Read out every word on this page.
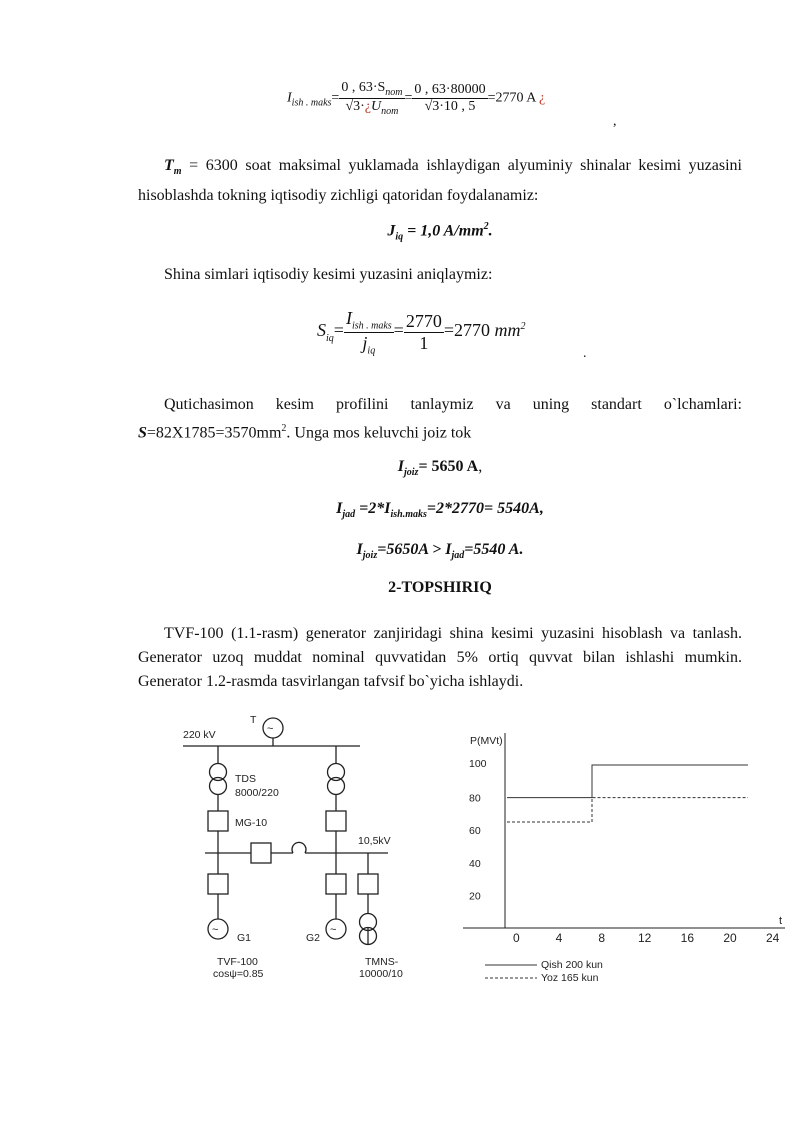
$I_{ish . maks}= \frac{0 , 63\cdot S_{nom}}{√3\cdot¿U_{nom}} = \frac{0 , 63\cdot 80000}{√3\cdot 10 , 5} =2770$ A ¿
,
$T_m = 6300$ soat maksimal yuklamada ishlaydigan alyuminiy shinalar kesimi yuzasini hisoblashda tokning iqtisodiy zichligi qatoridan foydalanamiz:
$J_{iq} = 1,0$ $A/mm^2$.
Shina simlari iqtisodiy kesimi yuzasini aniqlaymiz:
$S_{iq}= \frac{I_{ish . maks}}{j_{iq}} = \frac{2770}{1} =2770$ $mm^2$
.
Qutichasimon kesim profilini tanlaymiz va uning standart o`lchamlari: $S=82X1785=3570mm^2$. Unga mos keluvchi joiz tok
$I_{joiz}= 5650$ A,
$I_{jad} =2*I_{ish.maks}=2*2770= 5540A$,
$I_{joiz}=5650A > I_{jad}=5540$ A.
2-TOPSHIRIQ
TVF-100 (1.1-rasm) generator zanjiridagi shina kesimi yuzasini hisoblash va tanlash. Generator uzoq muddat nominal quvvatidan 5% ortiq quvvat bilan ishlashi mumkin. Generator 1.2-rasmda tasvirlangan tafvsif bo`yicha ishlaydi.
220 kV
T
~
TDS
8000/220
MG-10
10,5kV
~	~
G1	G2
TVF-100
cosψ=0.85
TMNS-
10000/10
20
40
60
80
100
0	4	8	12 16 20 24
P(MVt)
t
Qish 200 kun
Yoz 165 kun
